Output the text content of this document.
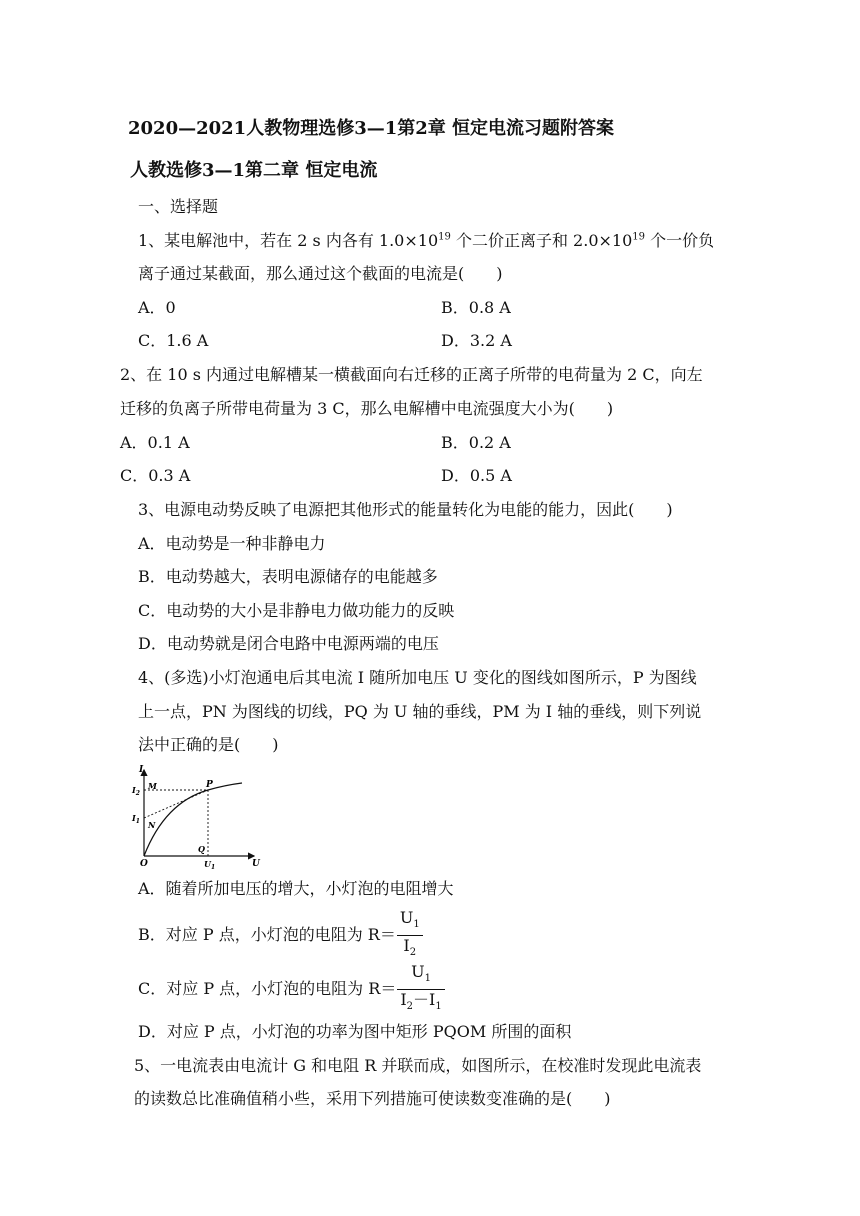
2020—2021人教物理选修3—1第2章 恒定电流习题附答案
人教选修3—1第二章 恒定电流
一、选择题
1、某电解池中，若在 2 s 内各有 $1.0\times 10^{19}$ 个二价正离子和 $2.0\times 10^{19}$ 个一价负
离子通过某截面，那么通过这个截面的电流是(　　)
A．0	B．0.8 A
C．1.6 A	D．3.2 A
2、在 10 s 内通过电解槽某一横截面向右迁移的正离子所带的电荷量为 2 C，向左
迁移的负离子所带电荷量为 3 C，那么电解槽中电流强度大小为(　　)
A．0.1 A	B．0.2 A
C．0.3 A	D．0.5 A
3、电源电动势反映了电源把其他形式的能量转化为电能的能力，因此(　　)
A．电动势是一种非静电力
B．电动势越大，表明电源储存的电能越多
C．电动势的大小是非静电力做功能力的反映
D．电动势就是闭合电路中电源两端的电压
4、(多选)小灯泡通电后其电流 I 随所加电压 U 变化的图线如图所示，P 为图线
上一点，PN 为图线的切线，PQ 为 U 轴的垂线，PM 为 I 轴的垂线，则下列说
法中正确的是(　　)
I
U
O
M	P
N
Q
$I_2$
$I_1$
$U_1$
A．随着所加电压的增大，小灯泡的电阻增大
B．对应 P 点，小灯泡的电阻为 $R= \frac{U_1}{I_2}$
C．对应 P 点，小灯泡的电阻为 $R= \frac{U_1}{I_2-I_1}$
D．对应 P 点，小灯泡的功率为图中矩形 PQOM 所围的面积
5、一电流表由电流计 G 和电阻 R 并联而成，如图所示，在校准时发现此电流表
的读数总比准确值稍小些，采用下列措施可使读数变准确的是(　　)
